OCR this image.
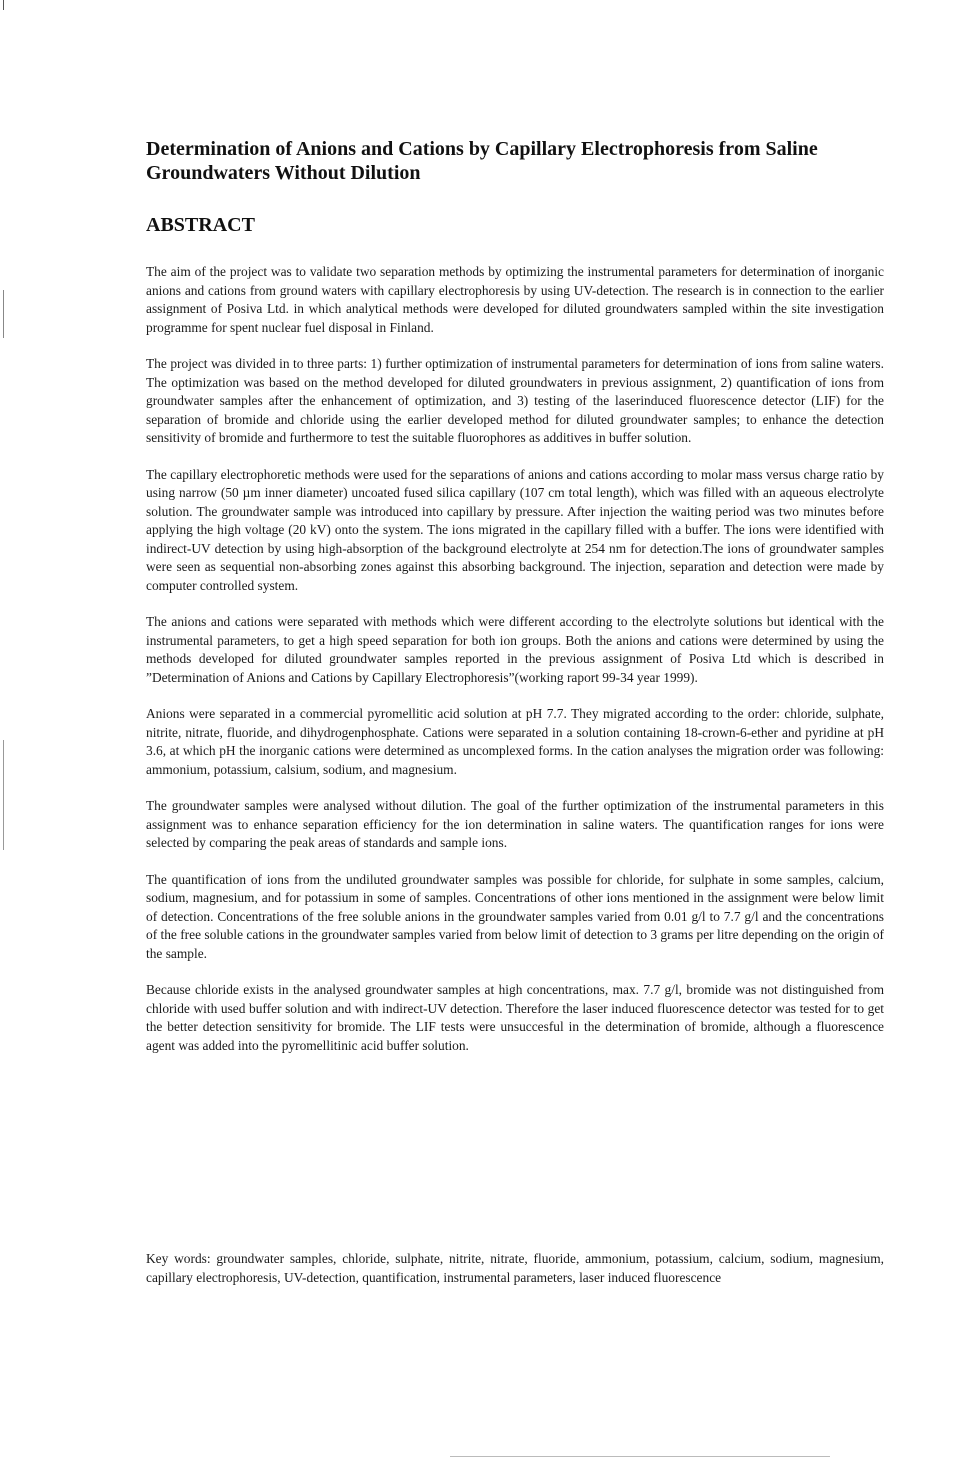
Determination of Anions and Cations by Capillary Electrophoresis from Saline Groundwaters Without Dilution
ABSTRACT

The aim of the project was to validate two separation methods by optimizing the instrumental parameters for determination of inorganic anions and cations from ground waters with capillary electrophoresis by using UV-detection. The research is in connection to the earlier assignment of Posiva Ltd. in which analytical methods were developed for diluted groundwaters sampled within the site investigation programme for spent nuclear fuel disposal in Finland.

The project was divided in to three parts: 1) further optimization of instrumental parameters for determination of ions from saline waters. The optimization was based on the method developed for diluted groundwaters in previous assignment, 2) quantification of ions from groundwater samples after the enhancement of optimization, and 3) testing of the laserinduced fluorescence detector (LIF) for the separation of bromide and chloride using the earlier developed method for diluted groundwater samples; to enhance the detection sensitivity of bromide and furthermore to test the suitable fluorophores as additives in buffer solution.

The capillary electrophoretic methods were used for the separations of anions and cations according to molar mass versus charge ratio by using narrow (50 µm inner diameter) uncoated fused silica capillary (107 cm total length), which was filled with an aqueous electrolyte solution. The groundwater sample was introduced into capillary by pressure. After injection the waiting period was two minutes before applying the high voltage (20 kV) onto the system. The ions migrated in the capillary filled with a buffer. The ions were identified with indirect-UV detection by using high-absorption of the background electrolyte at 254 nm for detection.The ions of groundwater samples were seen as sequential non-absorbing zones against this absorbing background. The injection, separation and detection were made by computer controlled system.

The anions and cations were separated with methods which were different according to the electrolyte solutions but identical with the instrumental parameters, to get a high speed separation for both ion groups. Both the anions and cations were determined by using the methods developed for diluted groundwater samples reported in the previous assignment of Posiva Ltd which is described in ”Determination of Anions and Cations by Capillary Electrophoresis”(working raport 99-34 year 1999).

Anions were separated in a commercial pyromellitic acid solution at pH 7.7. They migrated according to the order: chloride, sulphate, nitrite, nitrate, fluoride, and dihydrogenphosphate. Cations were separated in a solution containing 18-crown-6-ether and pyridine at pH 3.6, at which pH the inorganic cations were determined as uncomplexed forms. In the cation analyses the migration order was following: ammonium, potassium, calsium, sodium, and magnesium.

The groundwater samples were analysed without dilution. The goal of the further optimization of the instrumental parameters in this assignment was to enhance separation efficiency for the ion determination in saline waters. The quantification ranges for ions were selected by comparing the peak areas of standards and sample ions.

The quantification of ions from the undiluted groundwater samples was possible for chloride, for sulphate in some samples, calcium, sodium, magnesium, and for potassium in some of samples. Concentrations of other ions mentioned in the assignment were below limit of detection. Concentrations of the free soluble anions in the groundwater samples varied from 0.01 g/l to 7.7 g/l and the concentrations of the free soluble cations in the groundwater samples varied from below limit of detection to 3 grams per litre depending on the origin of the sample.

Because chloride exists in the analysed groundwater samples at high concentrations, max. 7.7 g/l, bromide was not distinguished from chloride with used buffer solution and with indirect-UV detection. Therefore the laser induced fluorescence detector was tested for to get the better detection sensitivity for bromide. The LIF tests were unsuccesful in the determination of bromide, although a fluorescence agent was added into the pyromellitinic acid buffer solution.

Key words: groundwater samples, chloride, sulphate, nitrite, nitrate, fluoride, ammonium, potassium, calcium, sodium, magnesium, capillary electrophoresis, UV-detection, quantification, instrumental parameters, laser induced fluorescence
